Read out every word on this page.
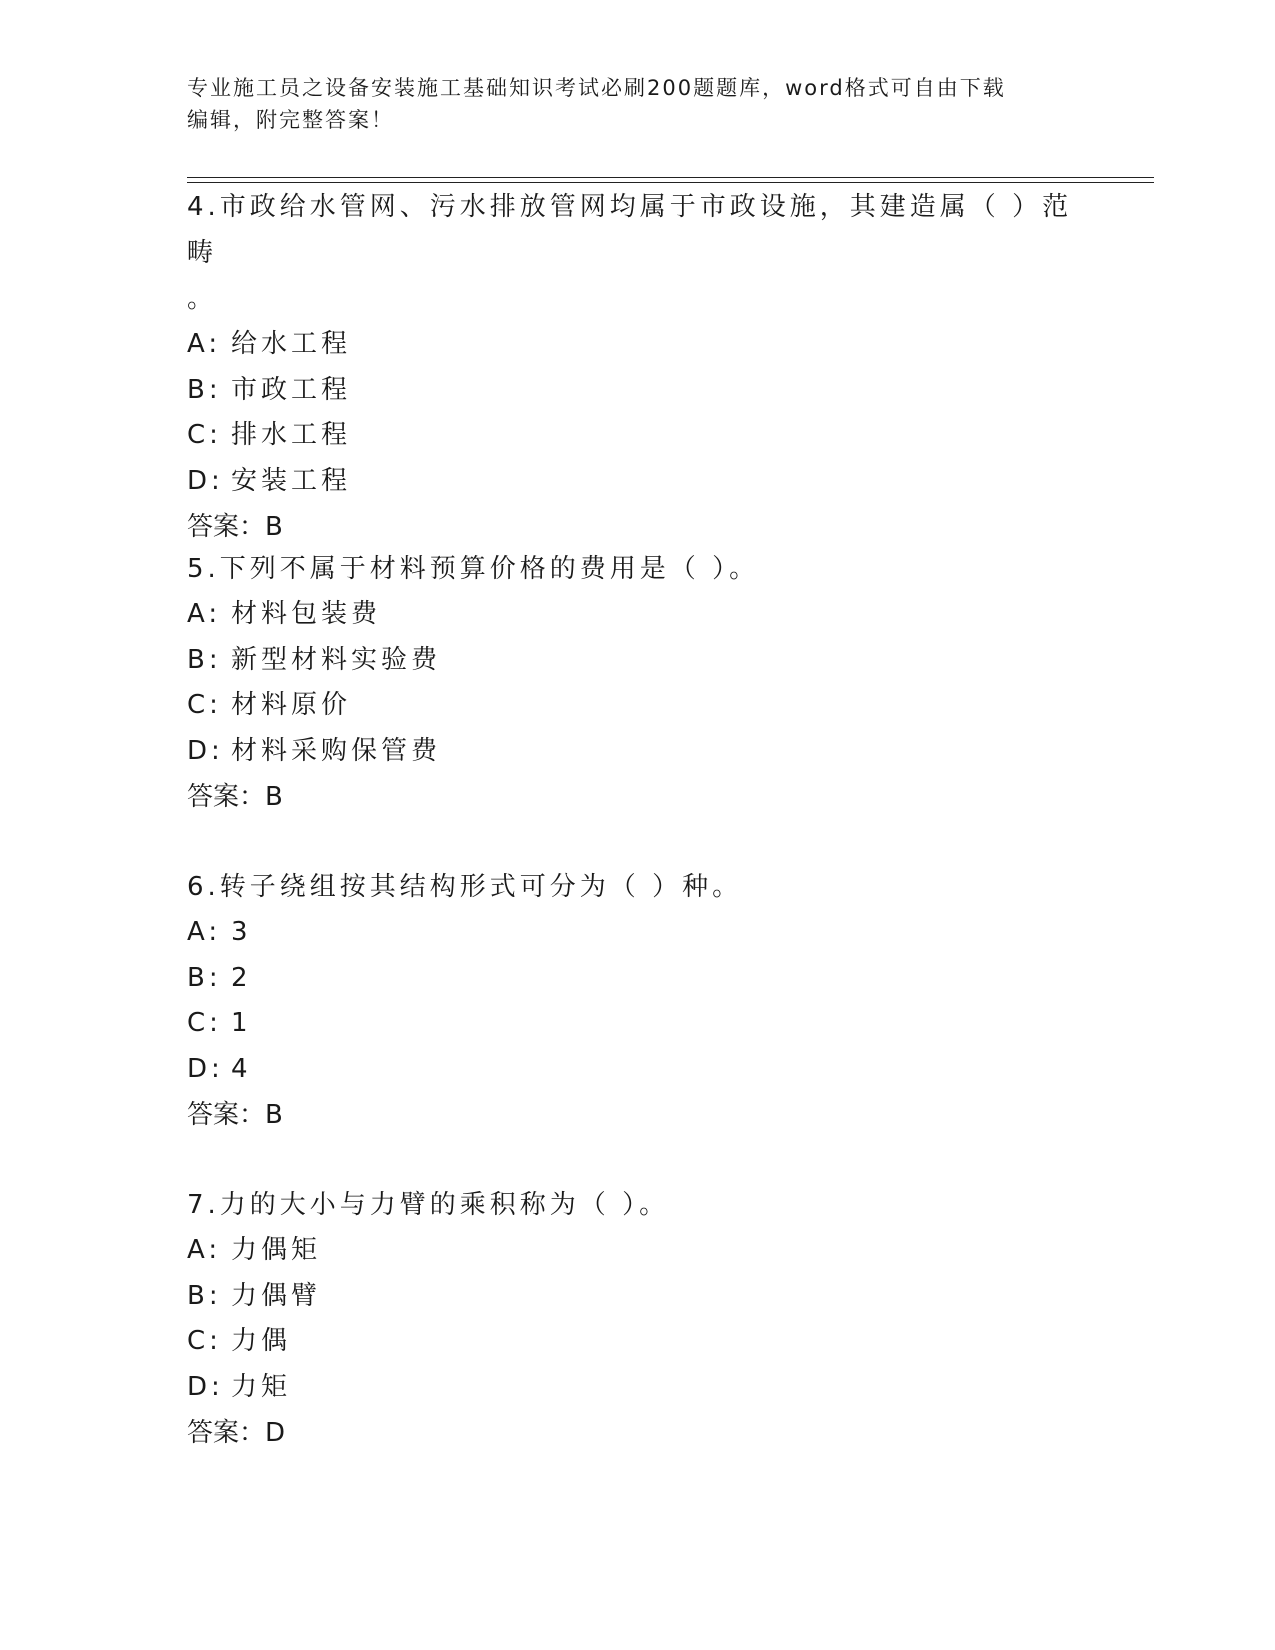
专业施工员之设备安装施工基础知识考试必刷200题题库，word格式可自由下载
编辑，附完整答案！

4.市政给水管网、污水排放管网均属于市政设施，其建造属（ ）范畴

。

A: 给水工程

B: 市政工程

C: 排水工程

D: 安装工程

答案：B

5.下列不属于材料预算价格的费用是（ ）。

A: 材料包装费

B: 新型材料实验费

C: 材料原价

D: 材料采购保管费

答案：B

6.转子绕组按其结构形式可分为（ ）种。

A: 3

B: 2

C: 1

D: 4

答案：B

7.力的大小与力臂的乘积称为（ ）。

A: 力偶矩

B: 力偶臂

C: 力偶

D: 力矩

答案：D
